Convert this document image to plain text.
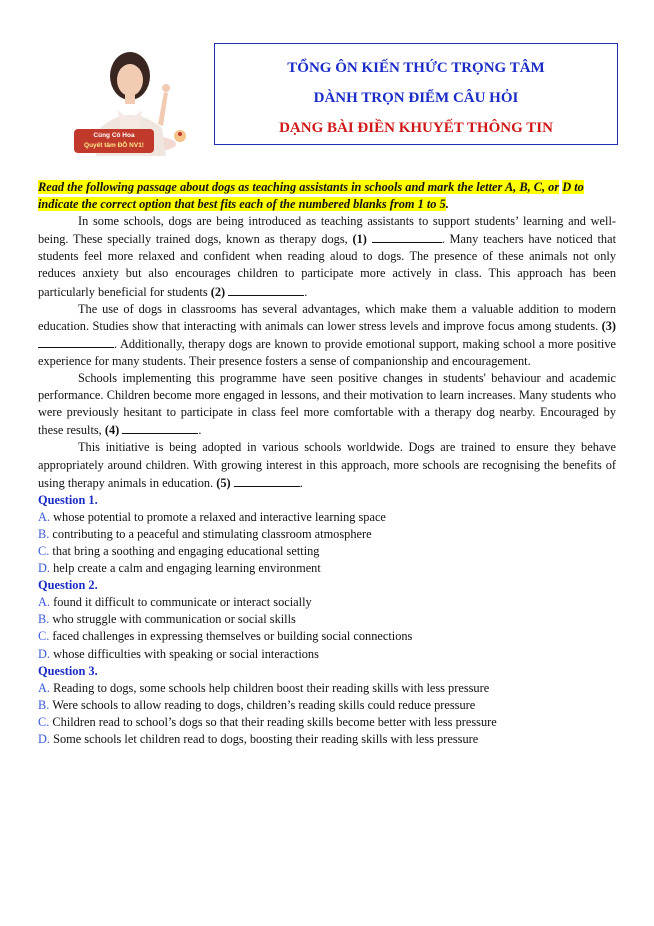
Cùng Cô Hoa
Quyết tâm ĐỖ NV1!
TỔNG ÔN KIẾN THỨC TRỌNG TÂM
DÀNH TRỌN ĐIỂM CÂU HỎI
DẠNG BÀI ĐIỀN KHUYẾT THÔNG TIN
Read the following passage about dogs as teaching assistants in schools and mark the letter A, B, C, or D to indicate the correct option that best fits each of the numbered blanks from 1 to 5.

In some schools, dogs are being introduced as teaching assistants to support students’ learning and well-being. These specially trained dogs, known as therapy dogs, (1)	. Many teachers have noticed that students feel more relaxed and confident when reading aloud to dogs. The presence of these animals not only reduces anxiety but also encourages children to participate more actively in class. This approach has been particularly beneficial for students (2)	.

The use of dogs in classrooms has several advantages, which make them a valuable addition to modern education. Studies show that interacting with animals can lower stress levels and improve focus among students. (3) . Additionally, therapy dogs are known to provide emotional support, making school a more positive experience for many students. Their presence fosters a sense of companionship and encouragement.

Schools implementing this programme have seen positive changes in students' behaviour and academic performance. Children become more engaged in lessons, and their motivation to learn increases. Many students who were previously hesitant to participate in class feel more comfortable with a therapy dog nearby. Encouraged by these results, (4)	.

This initiative is being adopted in various schools worldwide. Dogs are trained to ensure they behave appropriately around children. With growing interest in this approach, more schools are recognising the benefits of using therapy animals in education. (5)	.

Question 1.

A. whose potential to promote a relaxed and interactive learning space

B. contributing to a peaceful and stimulating classroom atmosphere

C. that bring a soothing and engaging educational setting

D. help create a calm and engaging learning environment

Question 2.

A. found it difficult to communicate or interact socially

B. who struggle with communication or social skills

C. faced challenges in expressing themselves or building social connections

D. whose difficulties with speaking or social interactions

Question 3.

A. Reading to dogs, some schools help children boost their reading skills with less pressure

B. Were schools to allow reading to dogs, children’s reading skills could reduce pressure

C. Children read to school’s dogs so that their reading skills become better with less pressure

D. Some schools let children read to dogs, boosting their reading skills with less pressure
